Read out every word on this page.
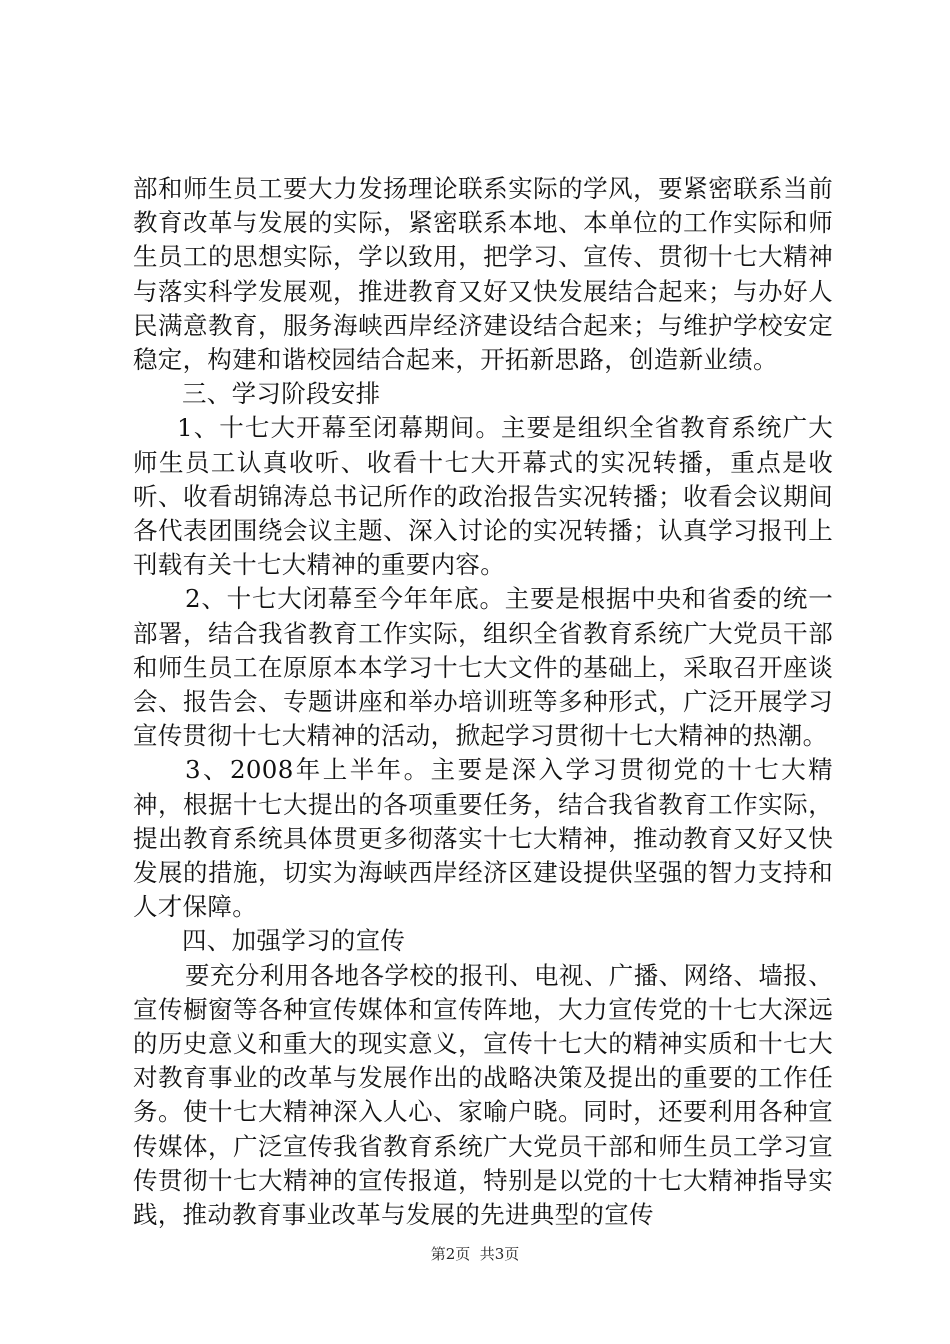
部和师生员工要大力发扬理论联系实际的学风，要紧密联系当前教育改革与发展的实际，紧密联系本地、本单位的工作实际和师生员工的思想实际，学以致用，把学习、宣传、贯彻十七大精神与落实科学发展观，推进教育又好又快发展结合起来；与办好人民满意教育，服务海峡西岸经济建设结合起来；与维护学校安定稳定，构建和谐校园结合起来，开拓新思路，创造新业绩。

三、学习阶段安排

1、十七大开幕至闭幕期间。主要是组织全省教育系统广大师生员工认真收听、收看十七大开幕式的实况转播，重点是收听、收看胡锦涛总书记所作的政治报告实况转播；收看会议期间各代表团围绕会议主题、深入讨论的实况转播；认真学习报刊上刊载有关十七大精神的重要内容。

2、十七大闭幕至今年年底。主要是根据中央和省委的统一部署，结合我省教育工作实际，组织全省教育系统广大党员干部和师生员工在原原本本学习十七大文件的基础上，采取召开座谈会、报告会、专题讲座和举办培训班等多种形式，广泛开展学习宣传贯彻十七大精神的活动，掀起学习贯彻十七大精神的热潮。

3、2008年上半年。主要是深入学习贯彻党的十七大精神，根据十七大提出的各项重要任务，结合我省教育工作实际，提出教育系统具体贯更多彻落实十七大精神，推动教育又好又快发展的措施，切实为海峡西岸经济区建设提供坚强的智力支持和人才保障。

四、加强学习的宣传

要充分利用各地各学校的报刊、电视、广播、网络、墙报、宣传橱窗等各种宣传媒体和宣传阵地，大力宣传党的十七大深远的历史意义和重大的现实意义，宣传十七大的精神实质和十七大对教育事业的改革与发展作出的战略决策及提出的重要的工作任务。使十七大精神深入人心、家喻户晓。同时，还要利用各种宣传媒体，广泛宣传我省教育系统广大党员干部和师生员工学习宣传贯彻十七大精神的宣传报道，特别是以党的十七大精神指导实践，推动教育事业改革与发展的先进典型的宣传

第2页  共3页
